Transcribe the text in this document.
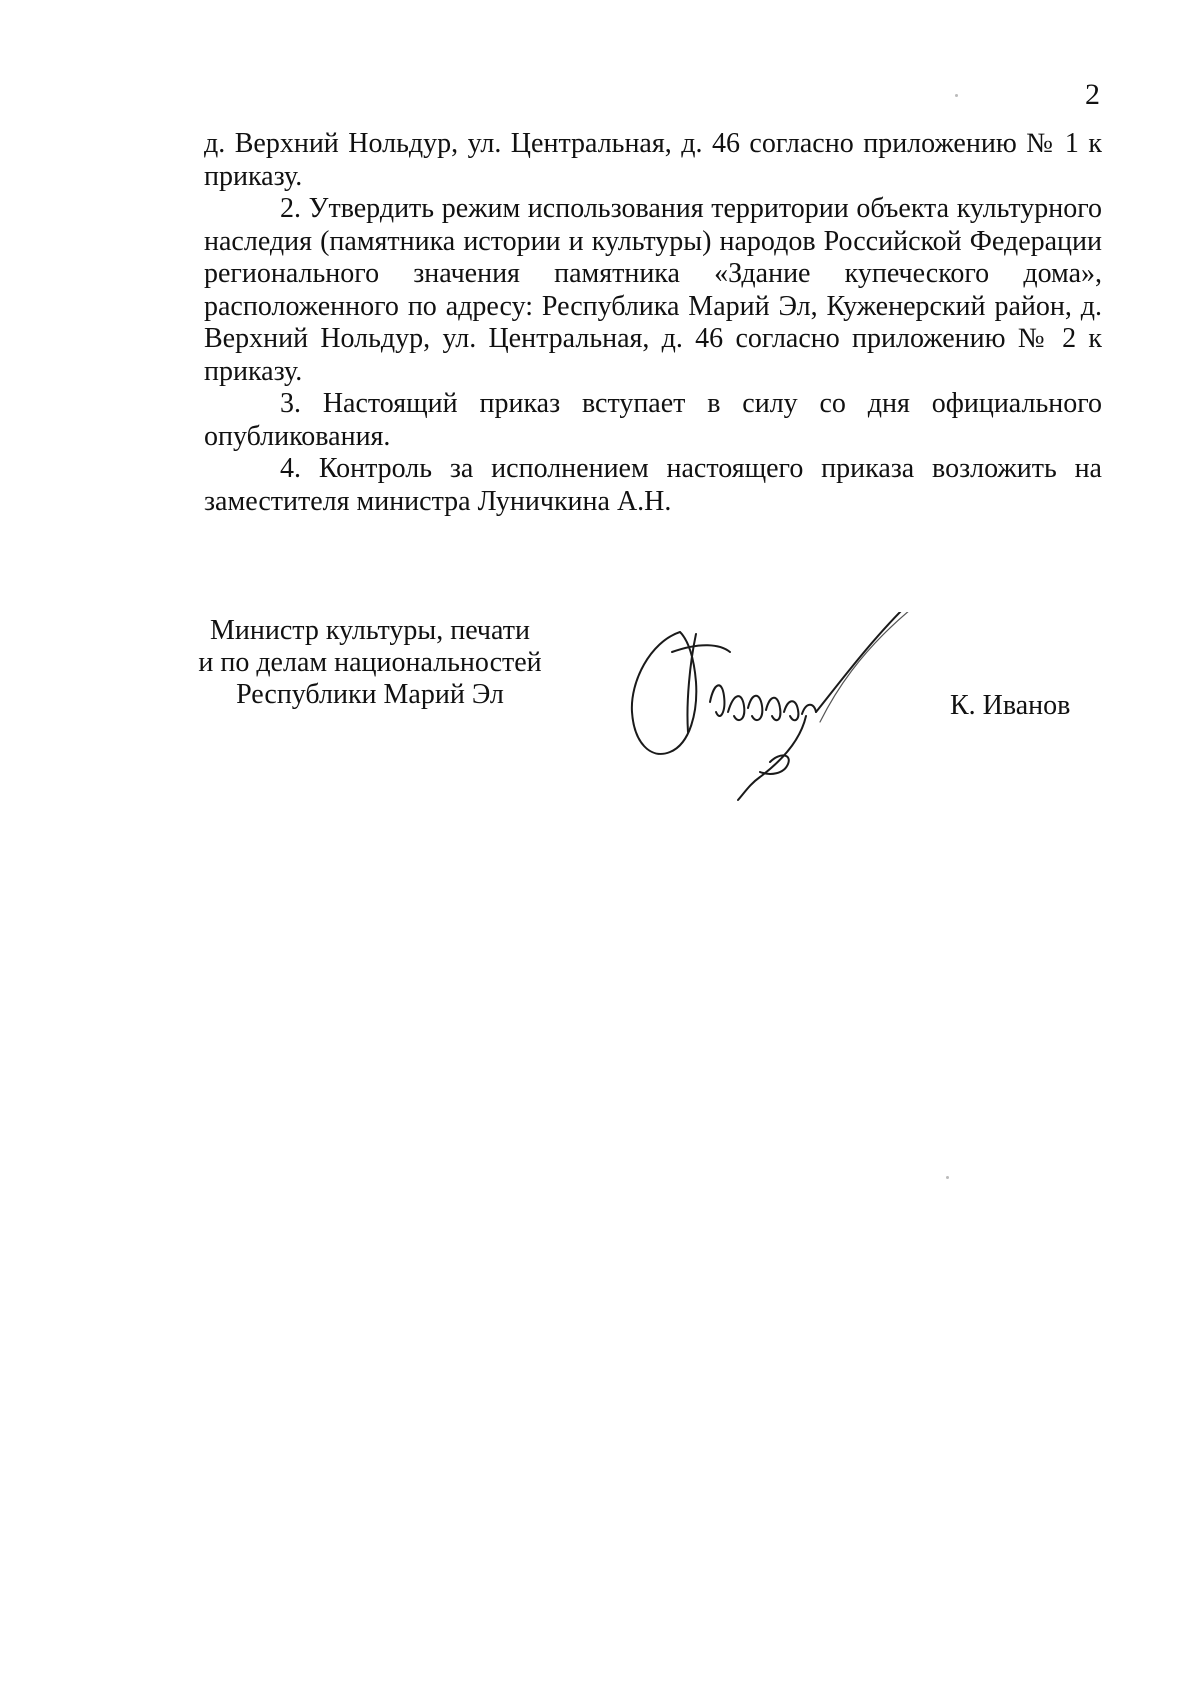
2

д. Верхний Нольдур, ул. Центральная, д. 46 согласно приложению № 1 к приказу.

2. Утвердить режим использования территории объекта культурного наследия (памятника истории и культуры) народов Российской Федерации регионального значения памятника «Здание купеческого дома», расположенного по адресу: Республика Марий Эл, Куженерский район, д. Верхний Нольдур, ул. Центральная, д. 46 согласно приложению № 2 к приказу.

3. Настоящий приказ вступает в силу со дня официального опубликования.

4. Контроль за исполнением настоящего приказа возложить на заместителя министра Луничкина А.Н.

Министр культуры, печати
и по делам национальностей
Республики Марий Эл	К. Иванов
